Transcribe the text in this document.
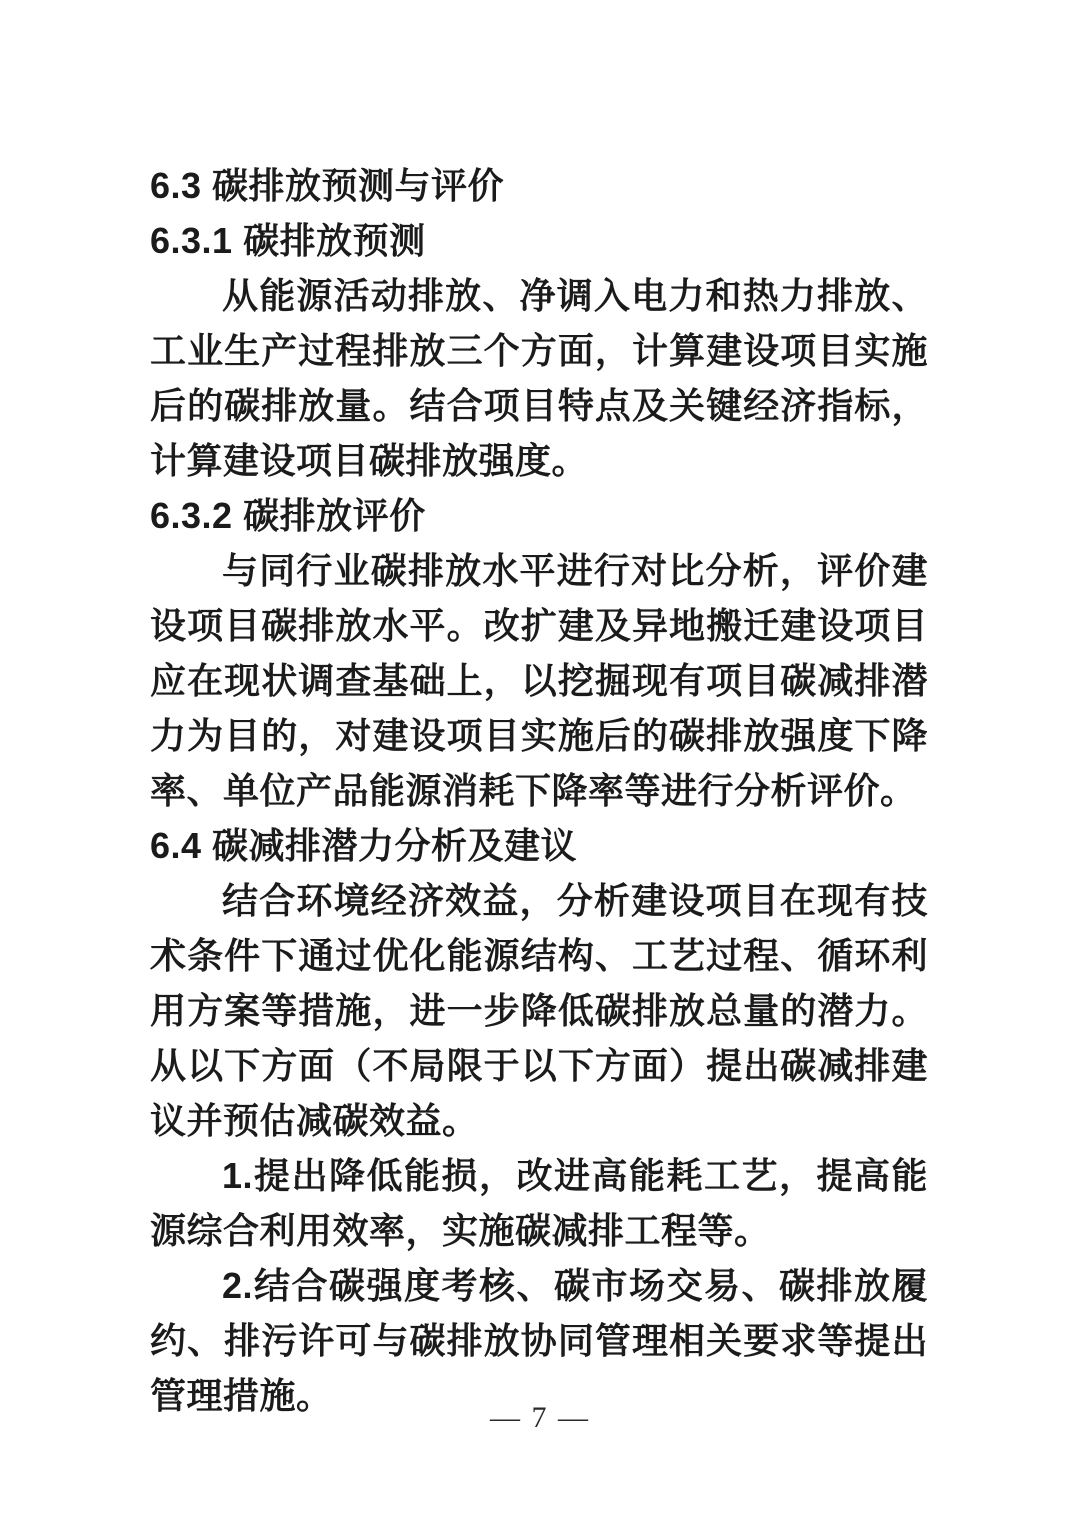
6.3 碳排放预测与评价
6.3.1 碳排放预测

从能源活动排放、净调入电力和热力排放、工业生产过程排放三个方面，计算建设项目实施后的碳排放量。结合项目特点及关键经济指标，计算建设项目碳排放强度。

6.3.2 碳排放评价

与同行业碳排放水平进行对比分析，评价建设项目碳排放水平。改扩建及异地搬迁建设项目应在现状调查基础上，以挖掘现有项目碳减排潜力为目的，对建设项目实施后的碳排放强度下降率、单位产品能源消耗下降率等进行分析评价。

6.4 碳减排潜力分析及建议

结合环境经济效益，分析建设项目在现有技术条件下通过优化能源结构、工艺过程、循环利用方案等措施，进一步降低碳排放总量的潜力。从以下方面（不局限于以下方面）提出碳减排建议并预估减碳效益。

1.提出降低能损，改进高能耗工艺，提高能源综合利用效率，实施碳减排工程等。

2.结合碳强度考核、碳市场交易、碳排放履约、排污许可与碳排放协同管理相关要求等提出管理措施。

— 7 —
